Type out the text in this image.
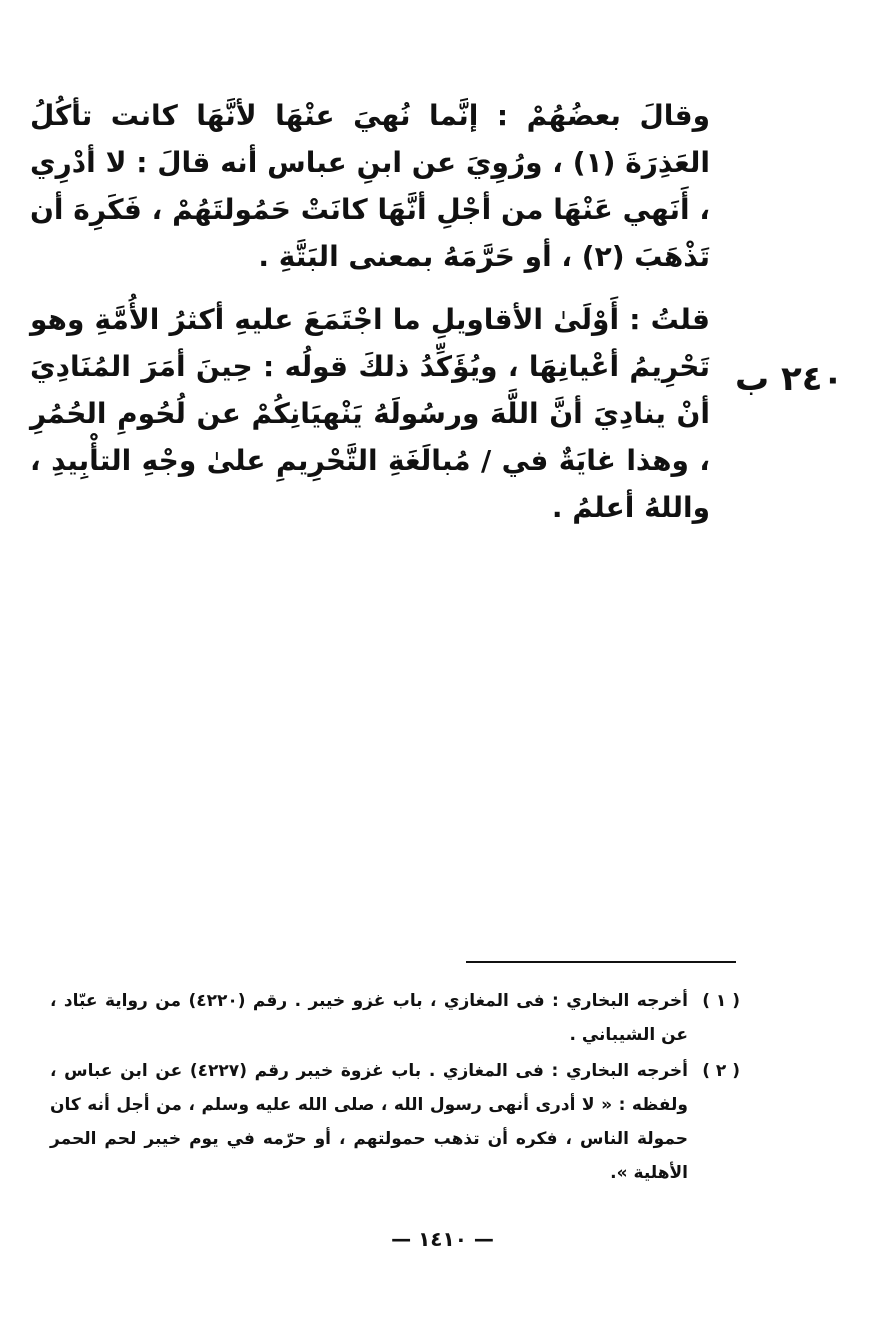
وقالَ بعضُهُمْ : إنَّما نُهيَ عنْهَا لأنَّهَا كانت تأكُلُ العَذِرَةَ (١) ، ورُوِيَ عن ابنِ عباس أنه قالَ : لا أدْرِي ، أَنَهي عَنْهَا من أجْلِ أنَّهَا كانَتْ حَمُولتَهُمْ ، فَكَرِهَ أن تَذْهَبَ (٢) ، أو حَرَّمَهُ بمعنى البَتَّةِ .

قلتُ : أَوْلَىٰ الأقاويلِ ما اجْتَمَعَ عليهِ أكثرُ الأُمَّةِ وهو تَحْرِيمُ أعْيانِهَا ، ويُؤَكِّدُ ذلكَ قولُه : حِينَ أمَرَ المُنَادِيَ أنْ ينادِيَ أنَّ اللَّهَ ورسُولَهُ يَنْهيَانِكُمْ عن لُحُومِ الحُمُرِ ، وهذا غايَةٌ في / مُبالَغَةِ التَّحْرِيمِ علىٰ وجْهِ التأْبِيدِ ، واللهُ أعلمُ .

٢٤٠ ب
( ١ )
أخرجه البخاري : فى المغازي ، باب غزو خيبر . رقم (٤٢٢٠) من رواية عبّاد ، عن الشيباني .
( ٢ )
أخرجه البخاري : فى المغازي . باب غزوة خيبر رقم (٤٢٢٧) عن ابن عباس ، ولفظه : « لا أدرى أنهى رسول الله ، صلى الله عليه وسلم ، من أجل أنه كان حمولة الناس ، فكره أن تذهب حمولتهم ، أو حرّمه في يوم خيبر لحم الحمر الأهلية ».
— ١٤١٠ —
